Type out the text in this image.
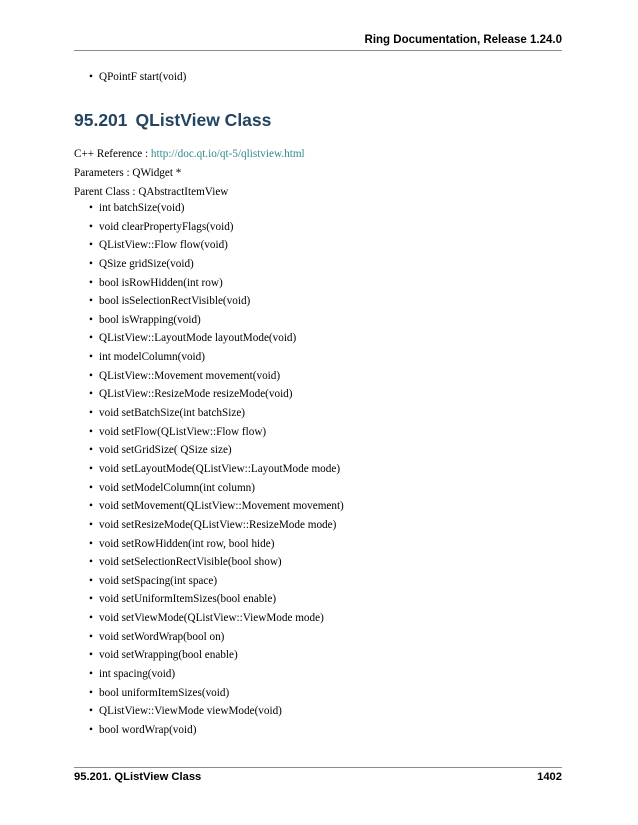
Ring Documentation, Release 1.24.0
• QPointF start(void)
95.201 QListView Class
C++ Reference : http://doc.qt.io/qt-5/qlistview.html
Parameters : QWidget *
Parent Class : QAbstractItemView
• int batchSize(void)
• void clearPropertyFlags(void)
• QListView::Flow flow(void)
• QSize gridSize(void)
• bool isRowHidden(int row)
• bool isSelectionRectVisible(void)
• bool isWrapping(void)
• QListView::LayoutMode layoutMode(void)
• int modelColumn(void)
• QListView::Movement movement(void)
• QListView::ResizeMode resizeMode(void)
• void setBatchSize(int batchSize)
• void setFlow(QListView::Flow flow)
• void setGridSize( QSize size)
• void setLayoutMode(QListView::LayoutMode mode)
• void setModelColumn(int column)
• void setMovement(QListView::Movement movement)
• void setResizeMode(QListView::ResizeMode mode)
• void setRowHidden(int row, bool hide)
• void setSelectionRectVisible(bool show)
• void setSpacing(int space)
• void setUniformItemSizes(bool enable)
• void setViewMode(QListView::ViewMode mode)
• void setWordWrap(bool on)
• void setWrapping(bool enable)
• int spacing(void)
• bool uniformItemSizes(void)
• QListView::ViewMode viewMode(void)
• bool wordWrap(void)
95.201. QListView Class	1402
